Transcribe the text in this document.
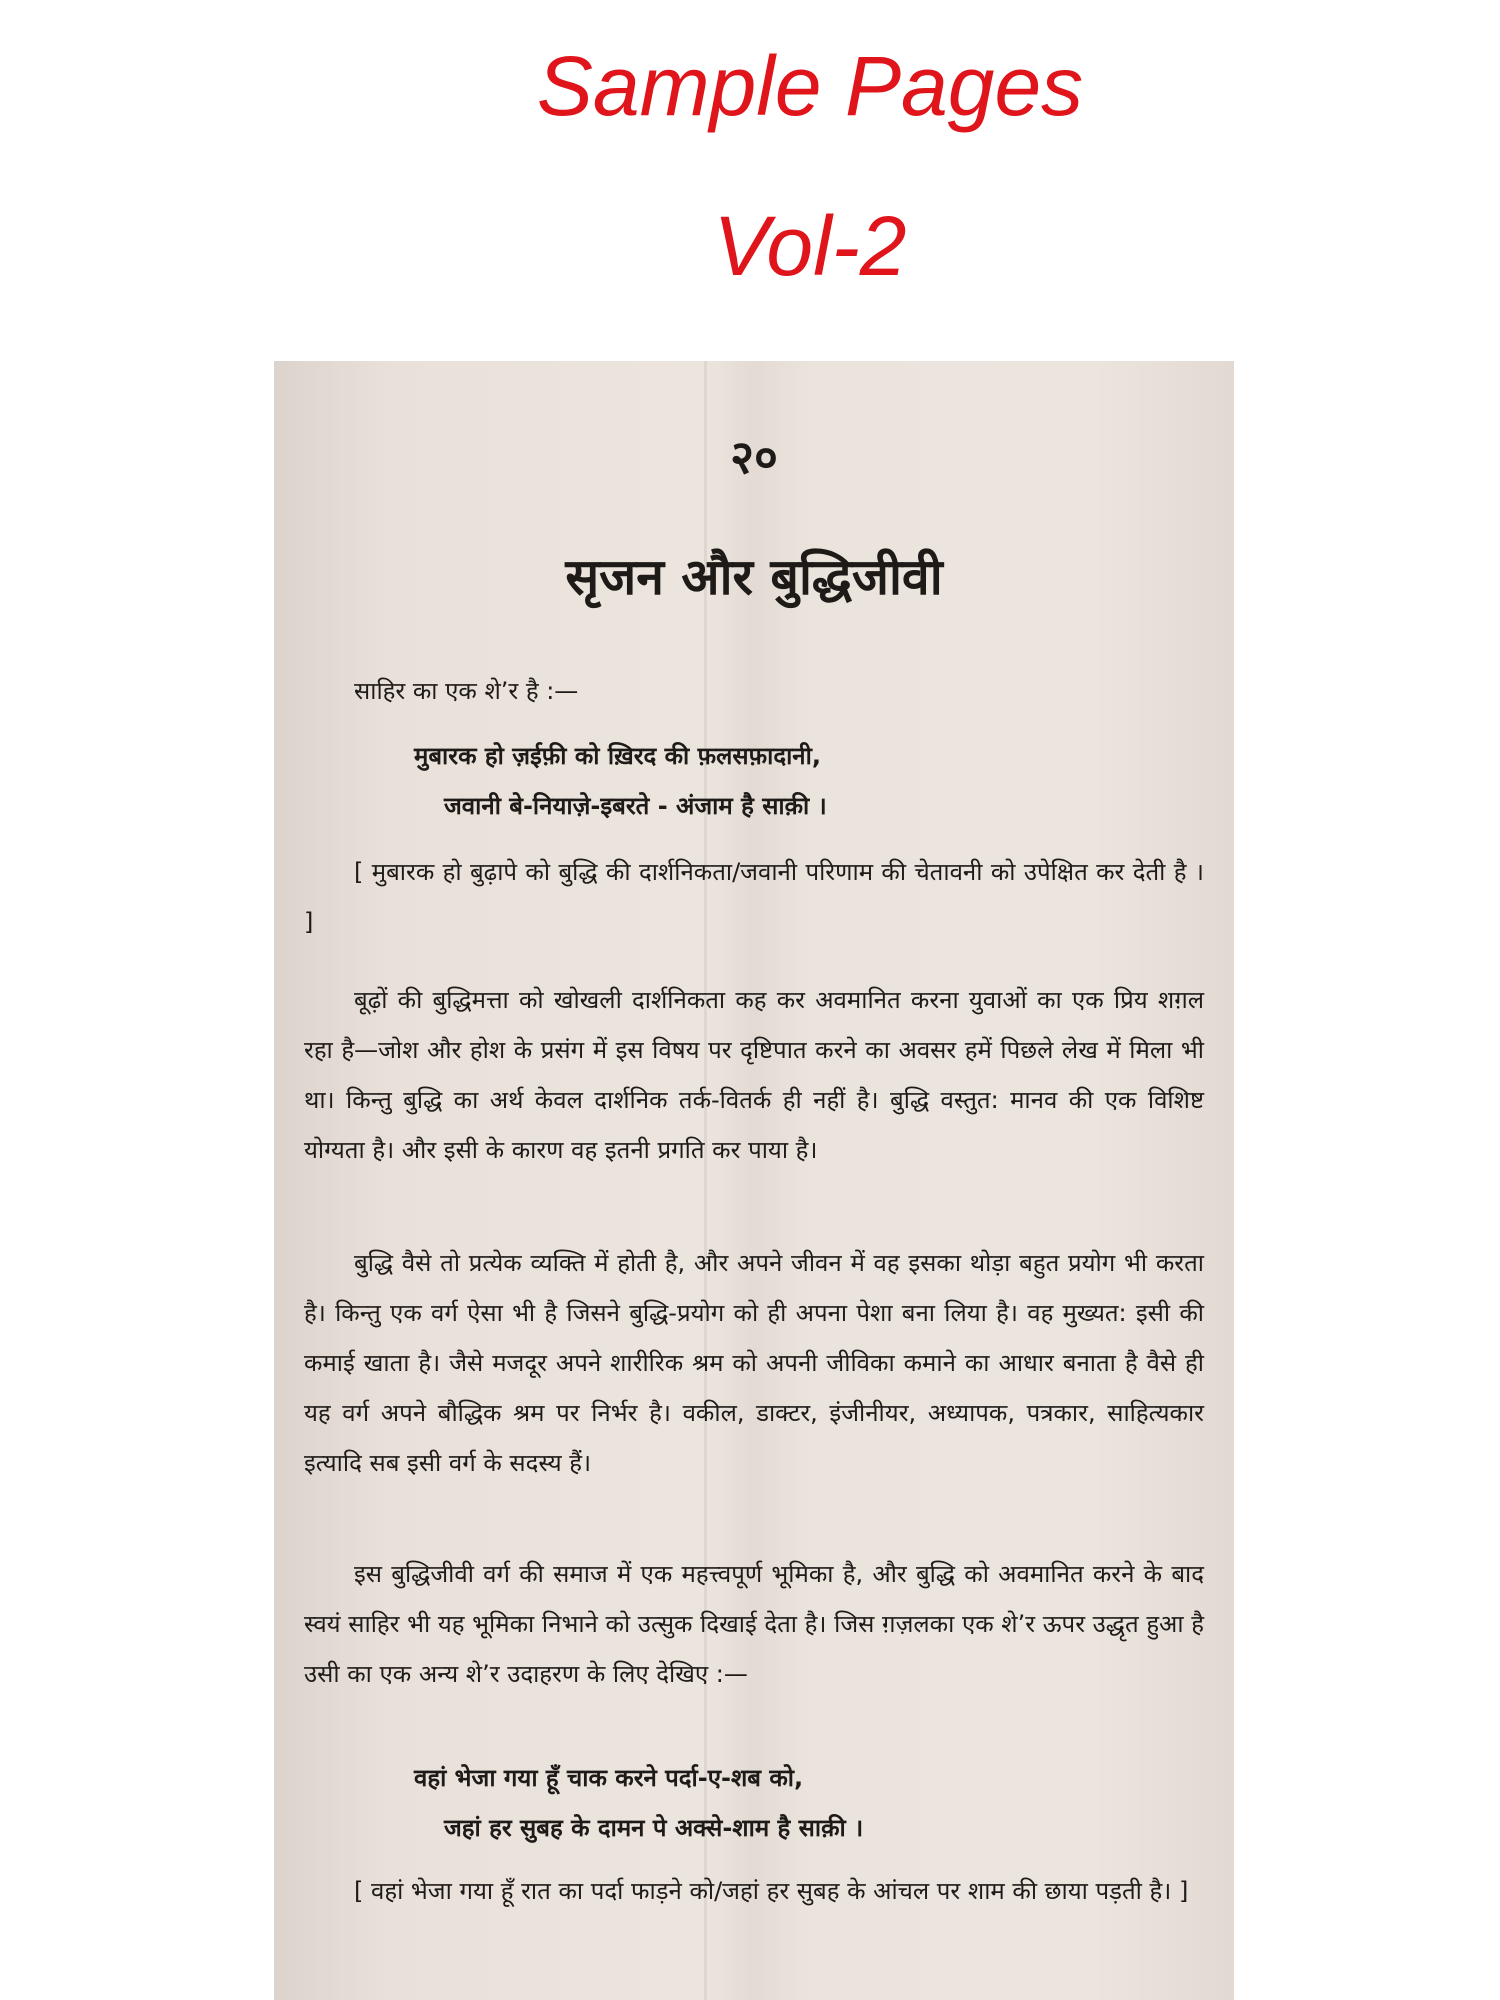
Sample Pages
Vol-2
२०
सृजन और बुद्धिजीवी

साहिर का एक शे’र है :—

मुबारक हो ज़ईफ़ी को ख़िरद की फ़लसफ़ादानी,
जवानी बे-नियाज़े-इबरते - अंजाम है साक़ी ।

[ मुबारक हो बुढ़ापे को बुद्धि की दार्शनिकता/जवानी परिणाम की चेतावनी को उपेक्षित कर देती है । ]

बूढ़ों की बुद्धिमत्ता को खोखली दार्शनिकता कह कर अवमानित करना युवाओं का एक प्रिय शग़ल रहा है—जोश और होश के प्रसंग में इस विषय पर दृष्टिपात करने का अवसर हमें पिछले लेख में मिला भी था। किन्तु बुद्धि का अर्थ केवल दार्शनिक तर्क-वितर्क ही नहीं है। बुद्धि वस्तुत: मानव की एक विशिष्ट योग्यता है। और इसी के कारण वह इतनी प्रगति कर पाया है।

बुद्धि वैसे तो प्रत्येक व्यक्ति में होती है, और अपने जीवन में वह इसका थोड़ा बहुत प्रयोग भी करता है। किन्तु एक वर्ग ऐसा भी है जिसने बुद्धि-प्रयोग को ही अपना पेशा बना लिया है। वह मुख्यत: इसी की कमाई खाता है। जैसे मजदूर अपने शारीरिक श्रम को अपनी जीविका कमाने का आधार बनाता है वैसे ही यह वर्ग अपने बौद्धिक श्रम पर निर्भर है। वकील, डाक्टर, इंजीनीयर, अध्यापक, पत्रकार, साहित्यकार इत्यादि सब इसी वर्ग के सदस्य हैं।

इस बुद्धिजीवी वर्ग की समाज में एक महत्त्वपूर्ण भूमिका है, और बुद्धि को अवमानित करने के बाद स्वयं साहिर भी यह भूमिका निभाने को उत्सुक दिखाई देता है। जिस ग़ज़लका एक शे’र ऊपर उद्धृत हुआ है उसी का एक अन्य शे’र उदाहरण के लिए देखिए :—

वहां भेजा गया हूँ चाक करने पर्दा-ए-शब को,
जहां हर सुबह के दामन पे अक्से-शाम है साक़ी ।

[ वहां भेजा गया हूँ रात का पर्दा फाड़ने को/जहां हर सुबह के आंचल पर शाम की छाया पड़ती है। ]
